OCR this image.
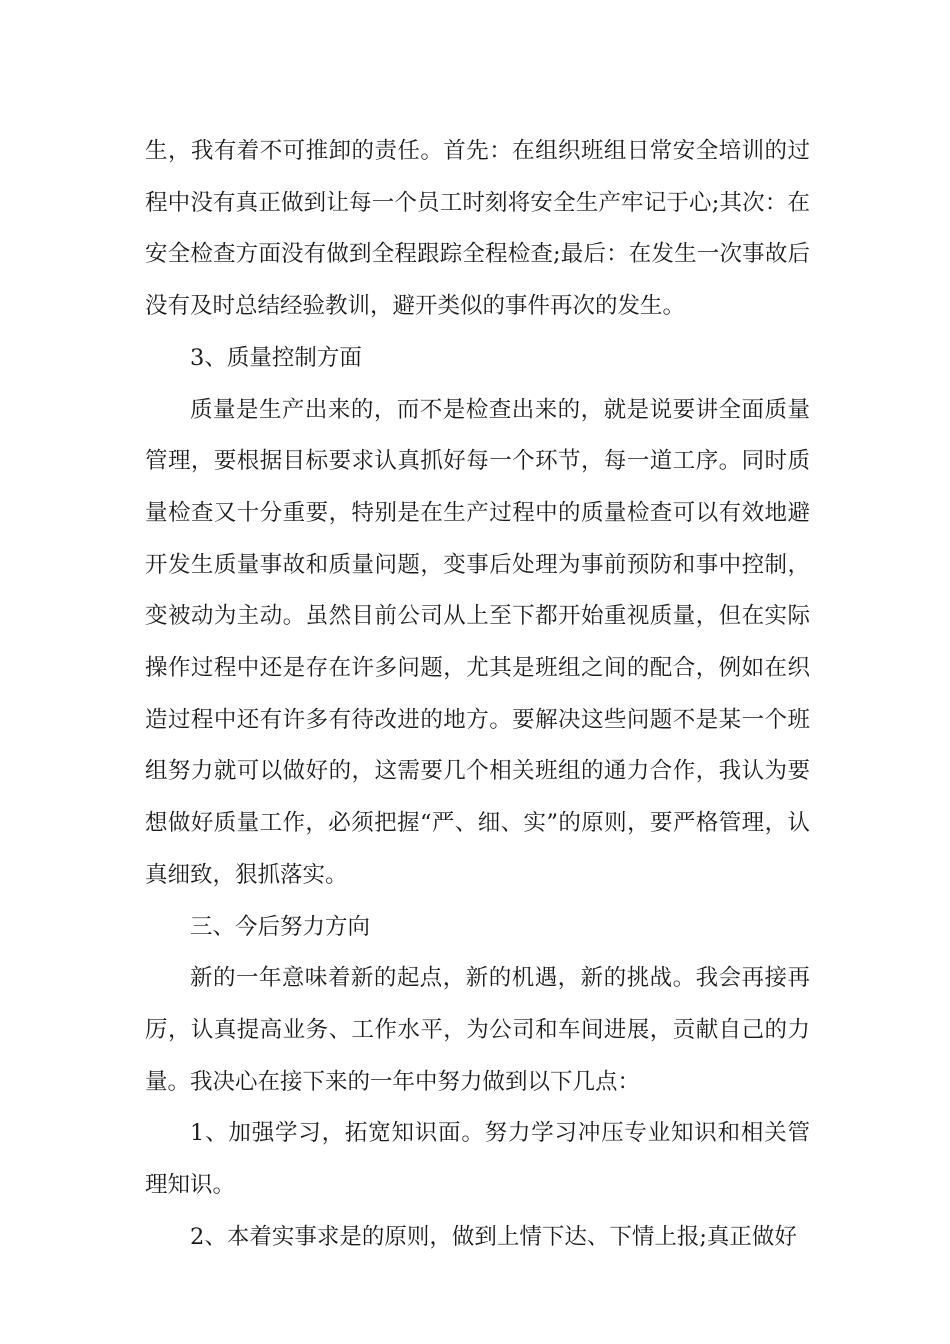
生，我有着不可推卸的责任。首先：在组织班组日常安全培训的过程中没有真正做到让每一个员工时刻将安全生产牢记于心;其次：在安全检查方面没有做到全程跟踪全程检查;最后：在发生一次事故后没有及时总结经验教训，避开类似的事件再次的发生。

3、质量控制方面

质量是生产出来的，而不是检查出来的，就是说要讲全面质量管理，要根据目标要求认真抓好每一个环节，每一道工序。同时质量检查又十分重要，特别是在生产过程中的质量检查可以有效地避开发生质量事故和质量问题，变事后处理为事前预防和事中控制，变被动为主动。虽然目前公司从上至下都开始重视质量，但在实际操作过程中还是存在许多问题，尤其是班组之间的配合，例如在织造过程中还有许多有待改进的地方。要解决这些问题不是某一个班组努力就可以做好的，这需要几个相关班组的通力合作，我认为要想做好质量工作，必须把握“严、细、实”的原则，要严格管理，认真细致，狠抓落实。

三、今后努力方向

新的一年意味着新的起点，新的机遇，新的挑战。我会再接再厉，认真提高业务、工作水平，为公司和车间进展，贡献自己的力量。我决心在接下来的一年中努力做到以下几点：

1、加强学习，拓宽知识面。努力学习冲压专业知识和相关管理知识。

2、本着实事求是的原则，做到上情下达、下情上报;真正做好
